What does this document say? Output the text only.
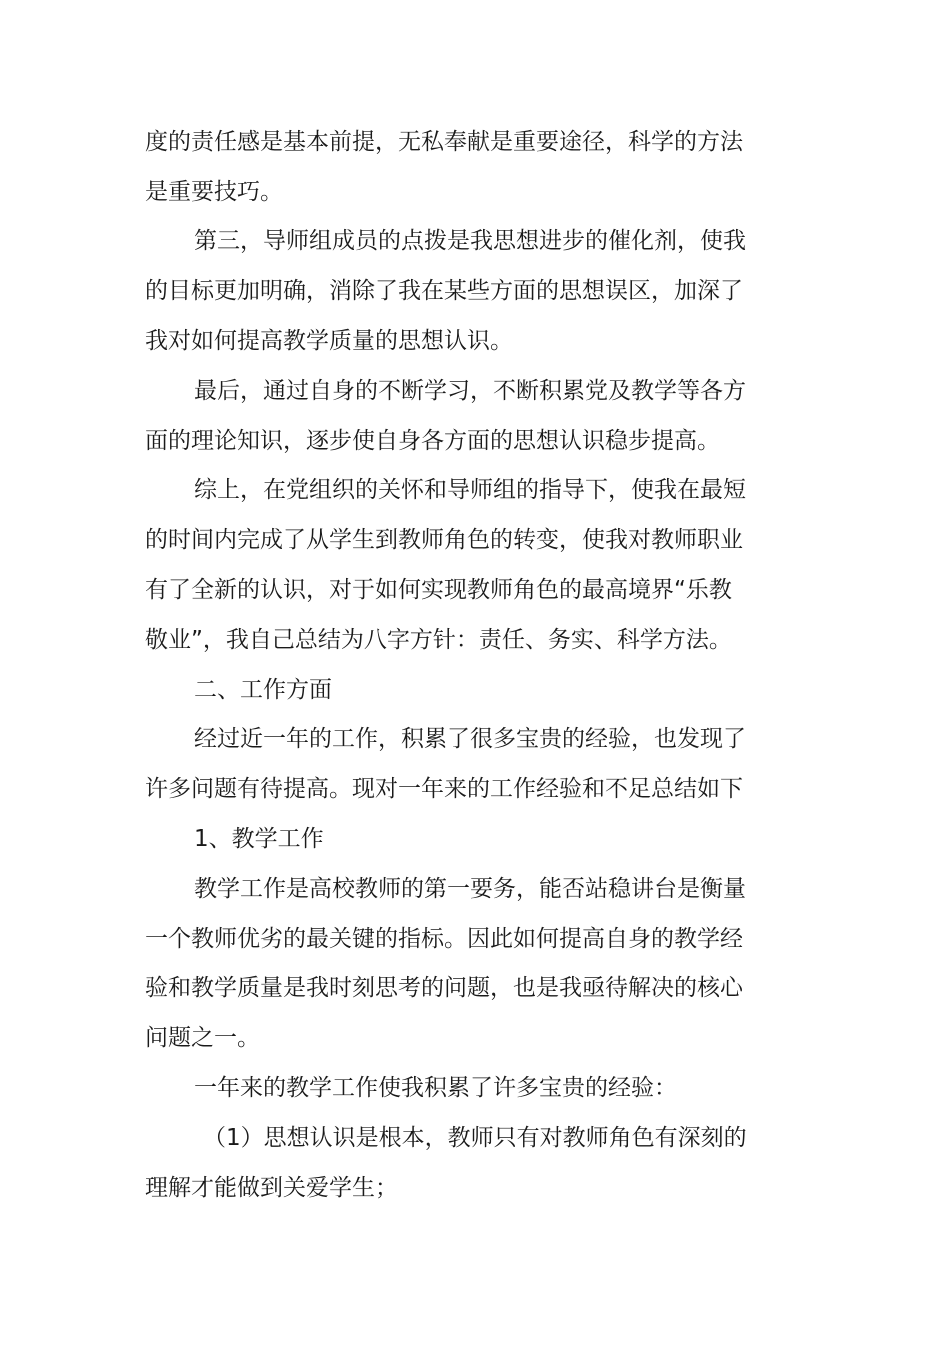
度的责任感是基本前提，无私奉献是重要途径，科学的方法
是重要技巧。
第三，导师组成员的点拨是我思想进步的催化剂，使我
的目标更加明确，消除了我在某些方面的思想误区，加深了
我对如何提高教学质量的思想认识。
最后，通过自身的不断学习，不断积累党及教学等各方
面的理论知识，逐步使自身各方面的思想认识稳步提高。
综上，在党组织的关怀和导师组的指导下，使我在最短
的时间内完成了从学生到教师角色的转变，使我对教师职业
有了全新的认识，对于如何实现教师角色的最高境界“乐教
敬业”，我自己总结为八字方针：责任、务实、科学方法。
二、工作方面
经过近一年的工作，积累了很多宝贵的经验，也发现了
许多问题有待提高。现对一年来的工作经验和不足总结如下
1、教学工作
教学工作是高校教师的第一要务，能否站稳讲台是衡量
一个教师优劣的最关键的指标。因此如何提高自身的教学经
验和教学质量是我时刻思考的问题，也是我亟待解决的核心
问题之一。
一年来的教学工作使我积累了许多宝贵的经验：
（1）思想认识是根本，教师只有对教师角色有深刻的
理解才能做到关爱学生；
